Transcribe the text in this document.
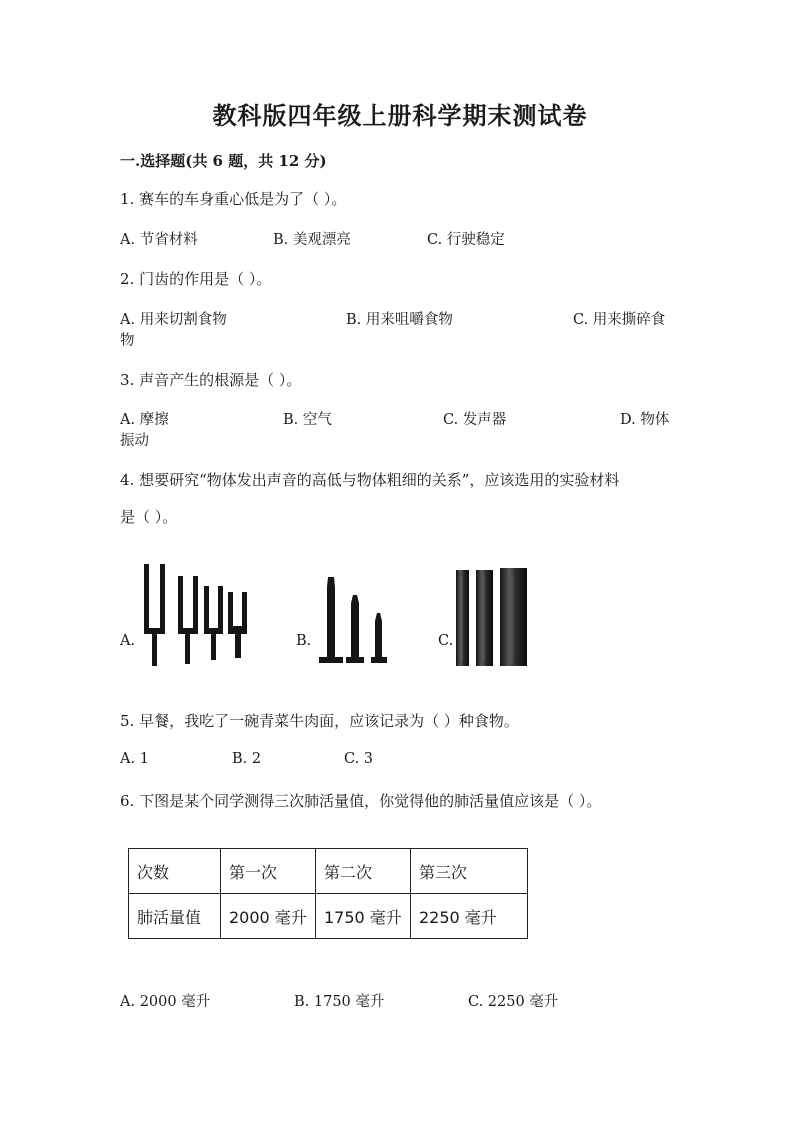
教科版四年级上册科学期末测试卷
一.选择题(共 6 题，共 12 分)
1. 赛车的车身重心低是为了（ ）。
A. 节省材料	B. 美观漂亮	C. 行驶稳定
2. 门齿的作用是（ ）。
A. 用来切割食物	B. 用来咀嚼食物	C. 用来撕碎食
物
3. 声音产生的根源是（ ）。
A. 摩擦	B. 空气	C. 发声器	D. 物体
振动
4. 想要研究“物体发出声音的高低与物体粗细的关系”，应该选用的实验材料
是（ ）。
A.	B.	C.
5. 早餐，我吃了一碗青菜牛肉面，应该记录为（ ）种食物。
A. 1	B. 2	C. 3
6. 下图是某个同学测得三次肺活量值，你觉得他的肺活量值应该是（ ）。
次数	第一次	第二次	第三次
肺活量值	2000 毫升	1750 毫升	2250 毫升
A. 2000 毫升	B. 1750 毫升	C. 2250 毫升
